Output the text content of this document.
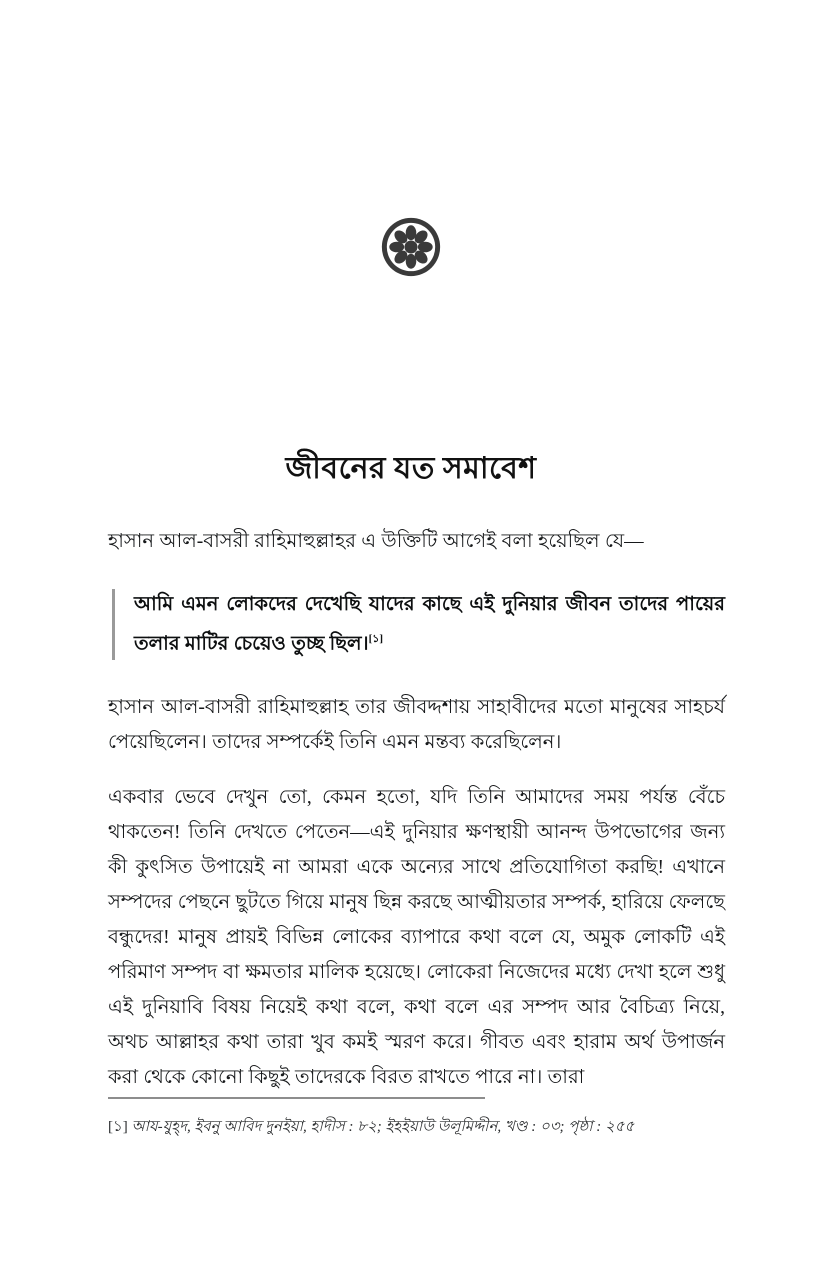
জীবনের যত সমাবেশ

হাসান আল-বাসরী রাহিমাহুল্লাহর এ উক্তিটি আগেই বলা হয়েছিল যে—

আমি এমন লোকদের দেখেছি যাদের কাছে এই দুনিয়ার জীবন তাদের পায়ের তলার মাটির চেয়েও তুচ্ছ ছিল।[১]

হাসান আল-বাসরী রাহিমাহুল্লাহ তার জীবদ্দশায় সাহাবীদের মতো মানুষের সাহচর্য পেয়েছিলেন। তাদের সম্পর্কেই তিনি এমন মন্তব্য করেছিলেন।

একবার ভেবে দেখুন তো, কেমন হতো, যদি তিনি আমাদের সময় পর্যন্ত বেঁচে থাকতেন! তিনি দেখতে পেতেন—এই দুনিয়ার ক্ষণস্থায়ী আনন্দ উপভোগের জন্য কী কুৎসিত উপায়েই না আমরা একে অন্যের সাথে প্রতিযোগিতা করছি! এখানে সম্পদের পেছনে ছুটতে গিয়ে মানুষ ছিন্ন করছে আত্মীয়তার সম্পর্ক, হারিয়ে ফেলছে বন্ধুদের! মানুষ প্রায়ই বিভিন্ন লোকের ব্যাপারে কথা বলে যে, অমুক লোকটি এই পরিমাণ সম্পদ বা ক্ষমতার মালিক হয়েছে। লোকেরা নিজেদের মধ্যে দেখা হলে শুধু এই দুনিয়াবি বিষয় নিয়েই কথা বলে, কথা বলে এর সম্পদ আর বৈচিত্র্য নিয়ে, অথচ আল্লাহর কথা তারা খুব কমই স্মরণ করে। গীবত এবং হারাম অর্থ উপার্জন করা থেকে কোনো কিছুই তাদেরকে বিরত রাখতে পারে না। তারা

[১] আয-যুহ্দ, ইবনু আবিদ দুনইয়া, হাদীস : ৮২; ইহইয়াউ উলূমিদ্দীন, খণ্ড : ০৩; পৃষ্ঠা : ২৫৫
